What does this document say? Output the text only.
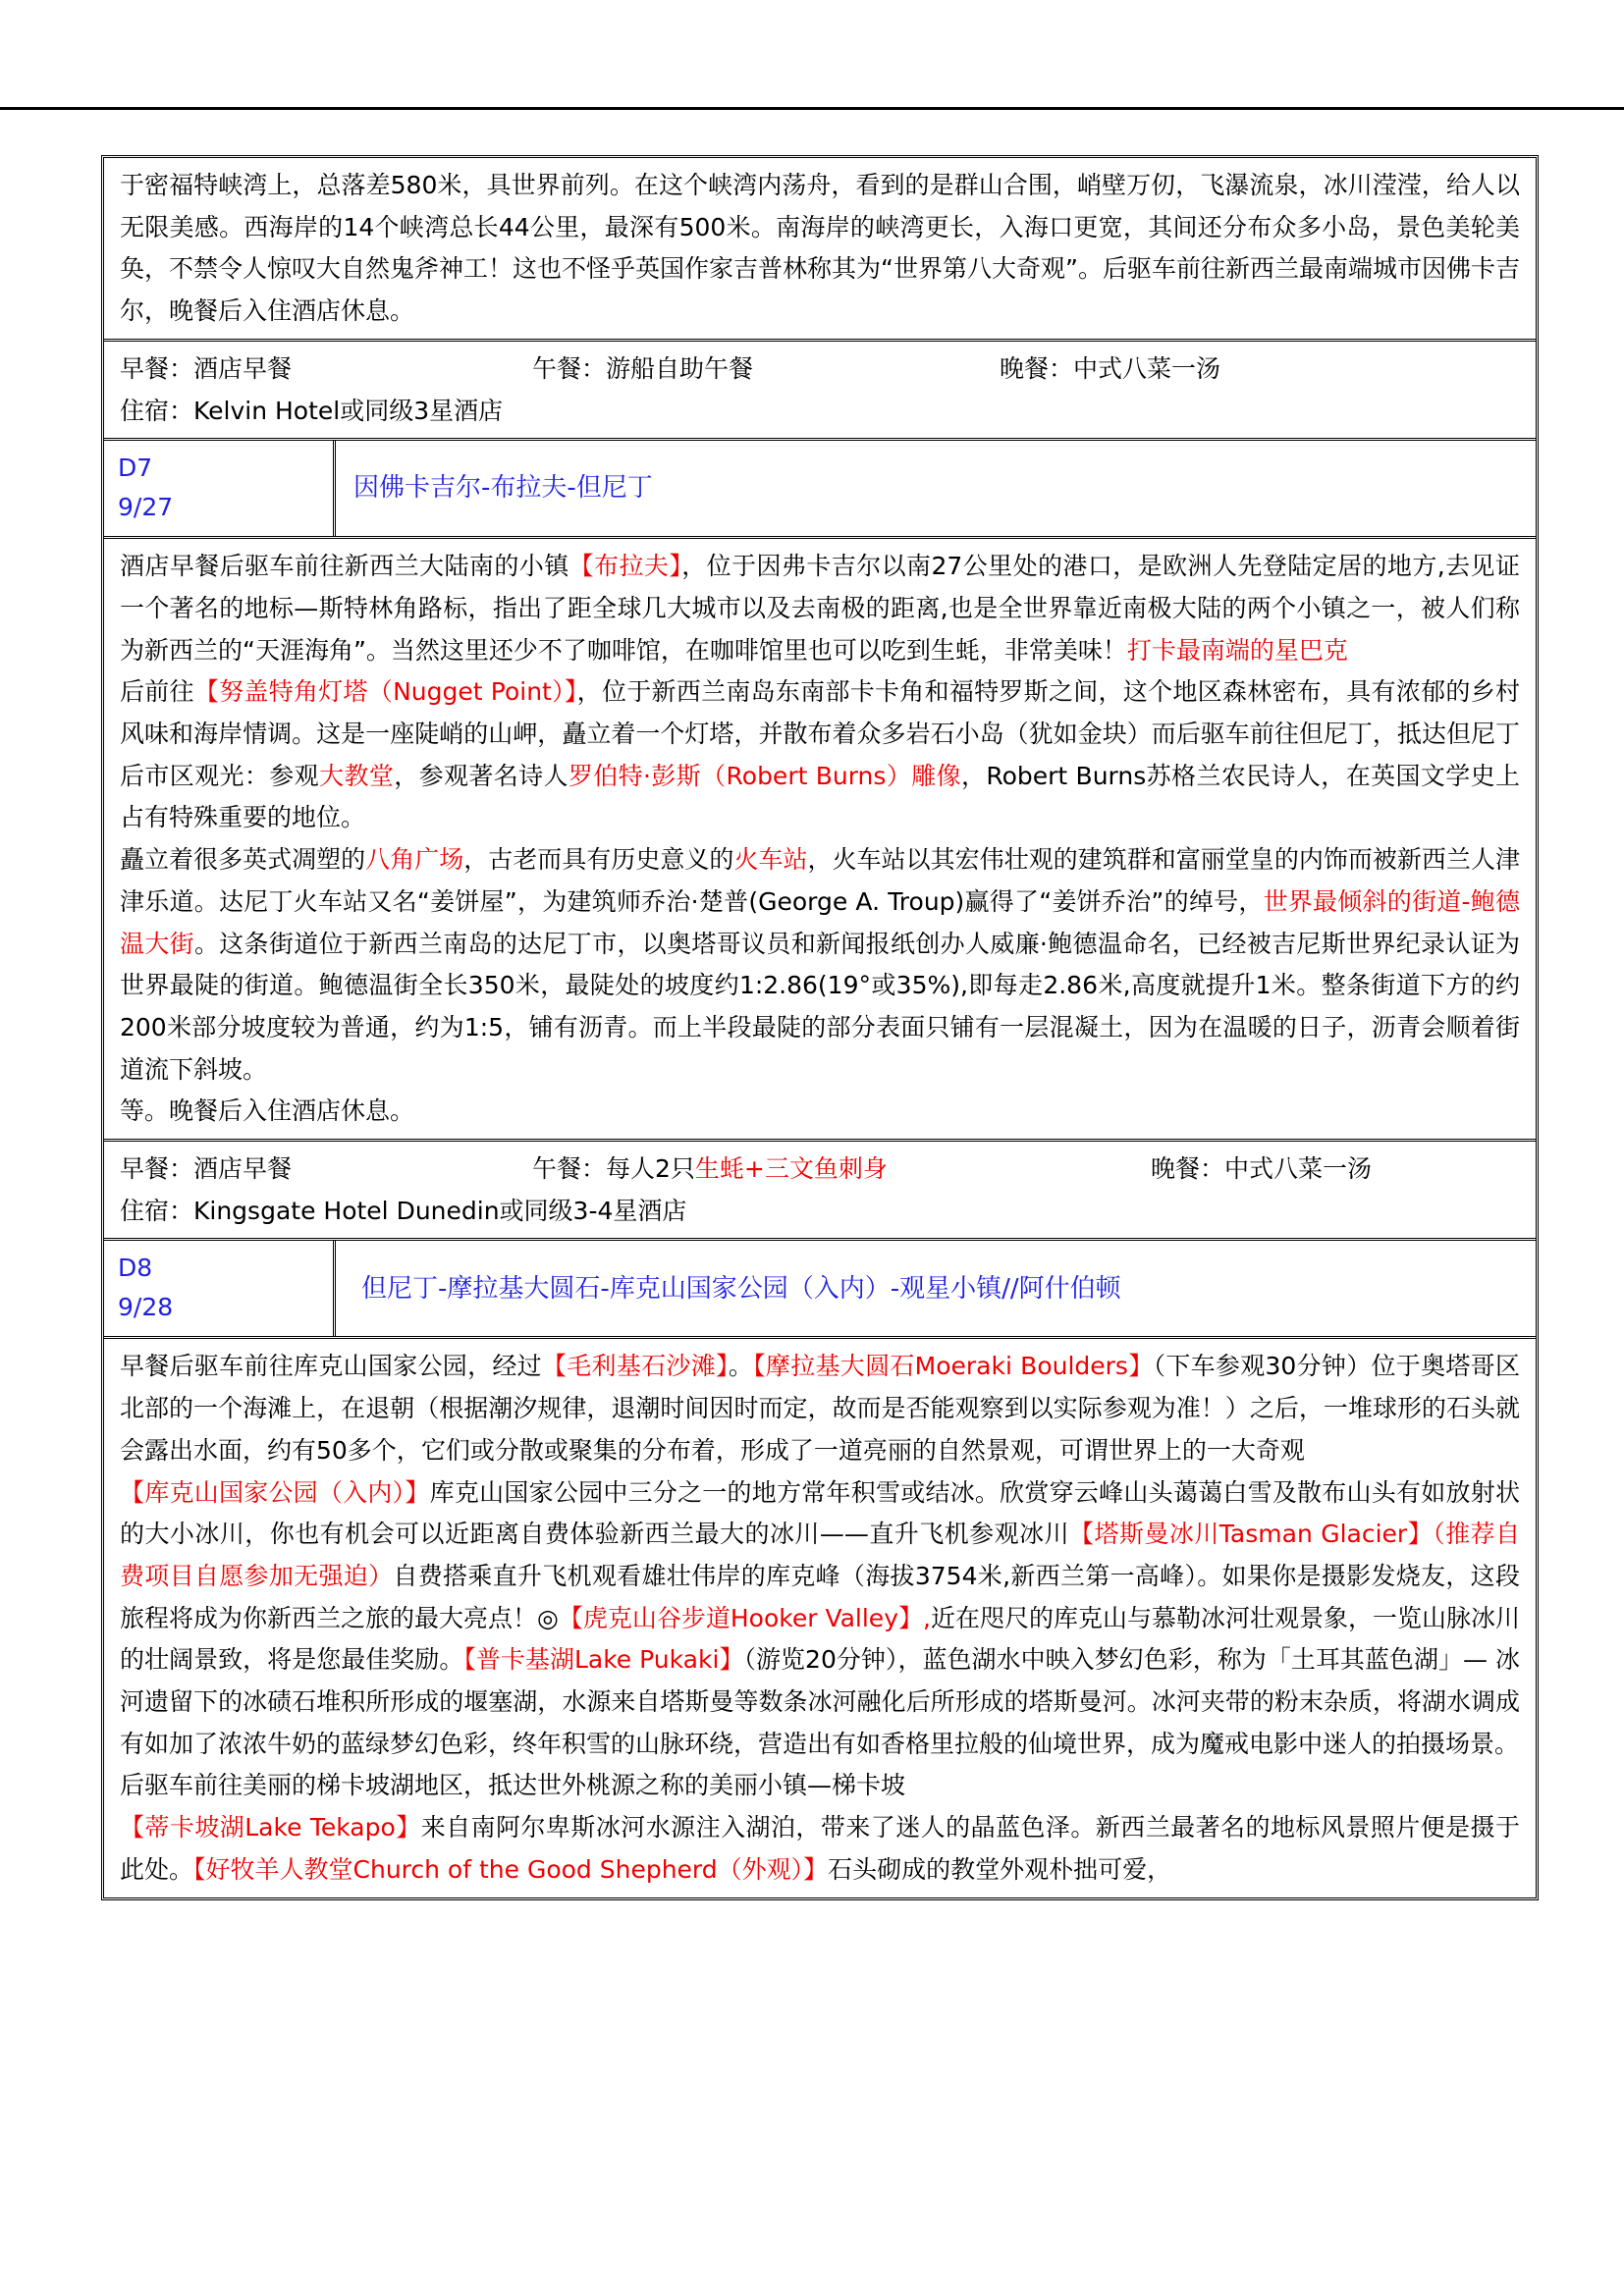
于密福特峡湾上，总落差580米，具世界前列。在这个峡湾内荡舟，看到的是群山合围，峭壁万仞，飞瀑流泉，冰川滢滢，给人以无限美感。西海岸的14个峡湾总长44公里，最深有500米。南海岸的峡湾更长，入海口更宽，其间还分布众多小岛，景色美轮美奂，不禁令人惊叹大自然鬼斧神工！这也不怪乎英国作家吉普林称其为“世界第八大奇观”。后驱车前往新西兰最南端城市因佛卡吉尔，晚餐后入住酒店休息。

早餐：酒店早餐	午餐：游船自助午餐	晚餐：中式八菜一汤
住宿：Kelvin Hotel或同级3星酒店
D7
9/27
因佛卡吉尔-布拉夫-但尼丁

酒店早餐后驱车前往新西兰大陆南的小镇【布拉夫】，位于因弗卡吉尔以南27公里处的港口，是欧洲人先登陆定居的地方,去见证一个著名的地标—斯特林角路标，指出了距全球几大城市以及去南极的距离,也是全世界靠近南极大陆的两个小镇之一，被人们称为新西兰的“天涯海角”。当然这里还少不了咖啡馆，在咖啡馆里也可以吃到生蚝，非常美味！打卡最南端的星巴克

后前往【努盖特角灯塔（Nugget Point）】，位于新西兰南岛东南部卡卡角和福特罗斯之间，这个地区森林密布，具有浓郁的乡村风味和海岸情调。这是一座陡峭的山岬，矗立着一个灯塔，并散布着众多岩石小岛（犹如金块）而后驱车前往但尼丁，抵达但尼丁后市区观光：参观大教堂，参观著名诗人罗伯特·彭斯（Robert Burns）雕像，Robert Burns苏格兰农民诗人，在英国文学史上占有特殊重要的地位。

矗立着很多英式凋塑的八角广场，古老而具有历史意义的火车站，火车站以其宏伟壮观的建筑群和富丽堂皇的内饰而被新西兰人津津乐道。达尼丁火车站又名“姜饼屋”，为建筑师乔治·楚普(George A. Troup)赢得了“姜饼乔治”的绰号，世界最倾斜的街道-鲍德温大街。这条街道位于新西兰南岛的达尼丁市，以奥塔哥议员和新闻报纸创办人威廉·鲍德温命名，已经被吉尼斯世界纪录认证为世界最陡的街道。鲍德温街全长350米，最陡处的坡度约1:2.86(19°或35%),即每走2.86米,高度就提升1米。整条街道下方的约200米部分坡度较为普通，约为1:5，铺有沥青。而上半段最陡的部分表面只铺有一层混凝土，因为在温暖的日子，沥青会顺着街道流下斜坡。

等。晚餐后入住酒店休息。

早餐：酒店早餐	午餐：每人2只生蚝+三文鱼刺身	晚餐：中式八菜一汤
住宿：Kingsgate Hotel Dunedin或同级3-4星酒店
D8
9/28
但尼丁-摩拉基大圆石-库克山国家公园（入内）-观星小镇//阿什伯顿

早餐后驱车前往库克山国家公园，经过【毛利基石沙滩】。【摩拉基大圆石Moeraki Boulders】（下车参观30分钟）位于奥塔哥区北部的一个海滩上，在退朝（根据潮汐规律，退潮时间因时而定，故而是否能观察到以实际参观为准！）之后，一堆球形的石头就会露出水面，约有50多个，它们或分散或聚集的分布着，形成了一道亮丽的自然景观，可谓世界上的一大奇观

【库克山国家公园（入内）】库克山国家公园中三分之一的地方常年积雪或结冰。欣赏穿云峰山头蔼蔼白雪及散布山头有如放射状的大小冰川，你也有机会可以近距离自费体验新西兰最大的冰川——直升飞机参观冰川【塔斯曼冰川Tasman Glacier】（推荐自费项目自愿参加无强迫）自费搭乘直升飞机观看雄壮伟岸的库克峰（海拔3754米,新西兰第一高峰）。如果你是摄影发烧友，这段旅程将成为你新西兰之旅的最大亮点！◎【虎克山谷步道Hooker Valley】,近在咫尺的库克山与慕勒冰河壮观景象，一览山脉冰川的壮阔景致，将是您最佳奖励。【普卡基湖Lake Pukaki】（游览20分钟），蓝色湖水中映入梦幻色彩，称为「土耳其蓝色湖」— 冰河遗留下的冰碛石堆积所形成的堰塞湖，水源来自塔斯曼等数条冰河融化后所形成的塔斯曼河。冰河夹带的粉末杂质，将湖水调成有如加了浓浓牛奶的蓝绿梦幻色彩，终年积雪的山脉环绕，营造出有如香格里拉般的仙境世界，成为魔戒电影中迷人的拍摄场景。

后驱车前往美丽的梯卡坡湖地区，抵达世外桃源之称的美丽小镇—梯卡坡

【蒂卡坡湖Lake Tekapo】来自南阿尔卑斯冰河水源注入湖泊，带来了迷人的晶蓝色泽。新西兰最著名的地标风景照片便是摄于此处。【好牧羊人教堂Church of the Good Shepherd（外观）】石头砌成的教堂外观朴拙可爱，
